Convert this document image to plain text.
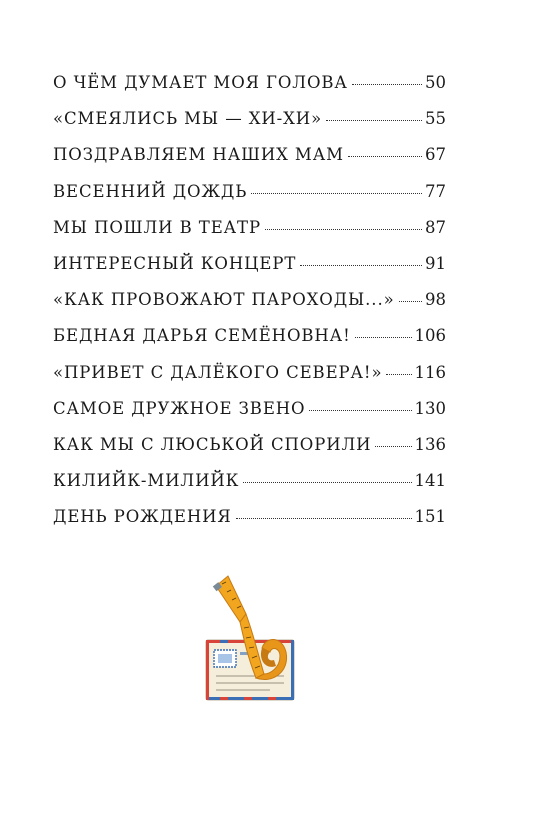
О ЧЁМ ДУМАЕТ МОЯ ГОЛОВА	50
«СМЕЯЛИСЬ МЫ — ХИ-ХИ»	55
ПОЗДРАВЛЯЕМ НАШИХ МАМ	67
ВЕСЕННИЙ ДОЖДЬ	77
МЫ ПОШЛИ В ТЕАТР	87
ИНТЕРЕСНЫЙ КОНЦЕРТ	91
«КАК ПРОВОЖАЮТ ПАРОХОДЫ...» 98
БЕДНАЯ ДАРЬЯ СЕМЁНОВНА!	106
«ПРИВЕТ С ДАЛЁКОГО СЕВЕРА!» 116
САМОЕ ДРУЖНОЕ ЗВЕНО	130
КАК МЫ С ЛЮСЬКОЙ СПОРИЛИ	136
КИЛИЙК-МИЛИЙК	141
ДЕНЬ РОЖДЕНИЯ	151
